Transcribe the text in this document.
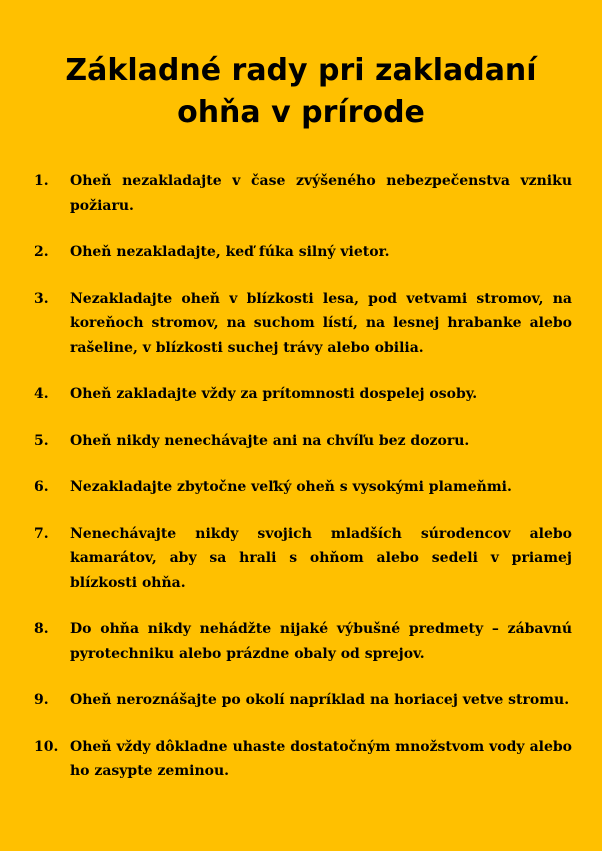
Základné rady pri zakladaní
ohňa v prírode
1.	Oheň nezakladajte v čase zvýšeného nebezpečenstva vzniku požiaru.
2.	Oheň nezakladajte, keď fúka silný vietor.
3.	Nezakladajte oheň v blízkosti lesa, pod vetvami stromov, na koreňoch stromov, na suchom lístí, na lesnej hrabanke alebo rašeline, v blízkosti suchej trávy alebo obilia.
4.	Oheň zakladajte vždy za prítomnosti dospelej osoby.
5.	Oheň nikdy nenechávajte ani na chvíľu bez dozoru.
6.	Nezakladajte zbytočne veľký oheň s vysokými plameňmi.
7.	Nenechávajte nikdy svojich mladších súrodencov alebo kamarátov, aby sa hrali s ohňom alebo sedeli v priamej blízkosti ohňa.
8.	Do ohňa nikdy nehádžte nijaké výbušné predmety – zábavnú pyrotechniku alebo prázdne obaly od sprejov.
9.	Oheň neroznášajte po okolí napríklad na horiacej vetve stromu.
10. Oheň vždy dôkladne uhaste dostatočným množstvom vody alebo ho zasypte zeminou.
